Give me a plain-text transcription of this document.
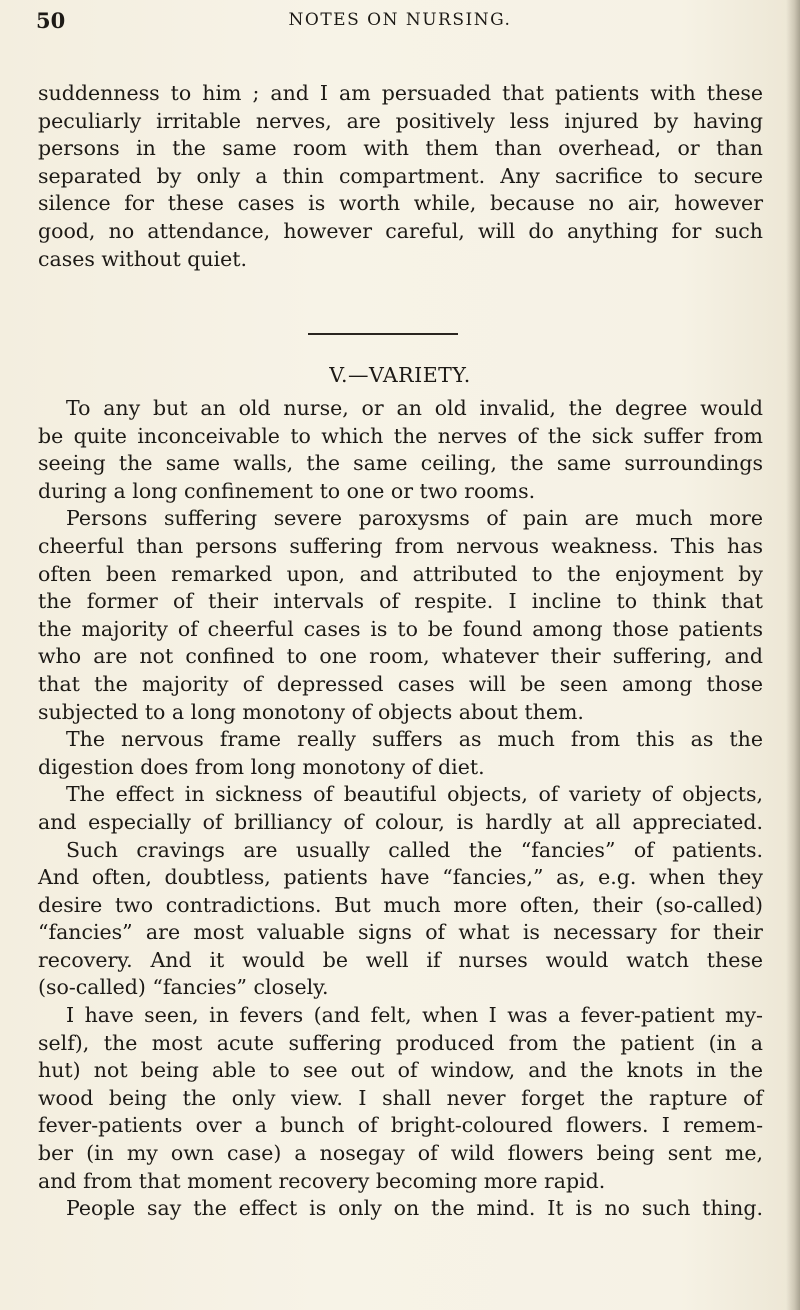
50	NOTES ON NURSING.
suddenness to him ; and I am persuaded that patients with these
peculiarly irritable nerves, are positively less injured by having
persons in the same room with them than overhead, or than
separated by only a thin compartment. Any sacrifice to secure
silence for these cases is worth while, because no air, however
good, no attendance, however careful, will do anything for such
cases without quiet.
V.—VARIETY.
To any but an old nurse, or an old invalid, the degree would
be quite inconceivable to which the nerves of the sick suffer from
seeing the same walls, the same ceiling, the same surroundings
during a long confinement to one or two rooms.
Persons suffering severe paroxysms of pain are much more
cheerful than persons suffering from nervous weakness. This has
often been remarked upon, and attributed to the enjoyment by
the former of their intervals of respite. I incline to think that
the majority of cheerful cases is to be found among those patients
who are not confined to one room, whatever their suffering, and
that the majority of depressed cases will be seen among those
subjected to a long monotony of objects about them.
The nervous frame really suffers as much from this as the
digestion does from long monotony of diet.
The effect in sickness of beautiful objects, of variety of objects,
and especially of brilliancy of colour, is hardly at all appreciated.
Such cravings are usually called the “fancies” of patients.
And often, doubtless, patients have “fancies,” as, e.g. when they
desire two contradictions. But much more often, their (so-called)
“fancies” are most valuable signs of what is necessary for their
recovery. And it would be well if nurses would watch these
(so-called) “fancies” closely.
I have seen, in fevers (and felt, when I was a fever-patient my-
self), the most acute suffering produced from the patient (in a
hut) not being able to see out of window, and the knots in the
wood being the only view. I shall never forget the rapture of
fever-patients over a bunch of bright-coloured flowers. I remem-
ber (in my own case) a nosegay of wild flowers being sent me,
and from that moment recovery becoming more rapid.
People say the effect is only on the mind. It is no such thing.
